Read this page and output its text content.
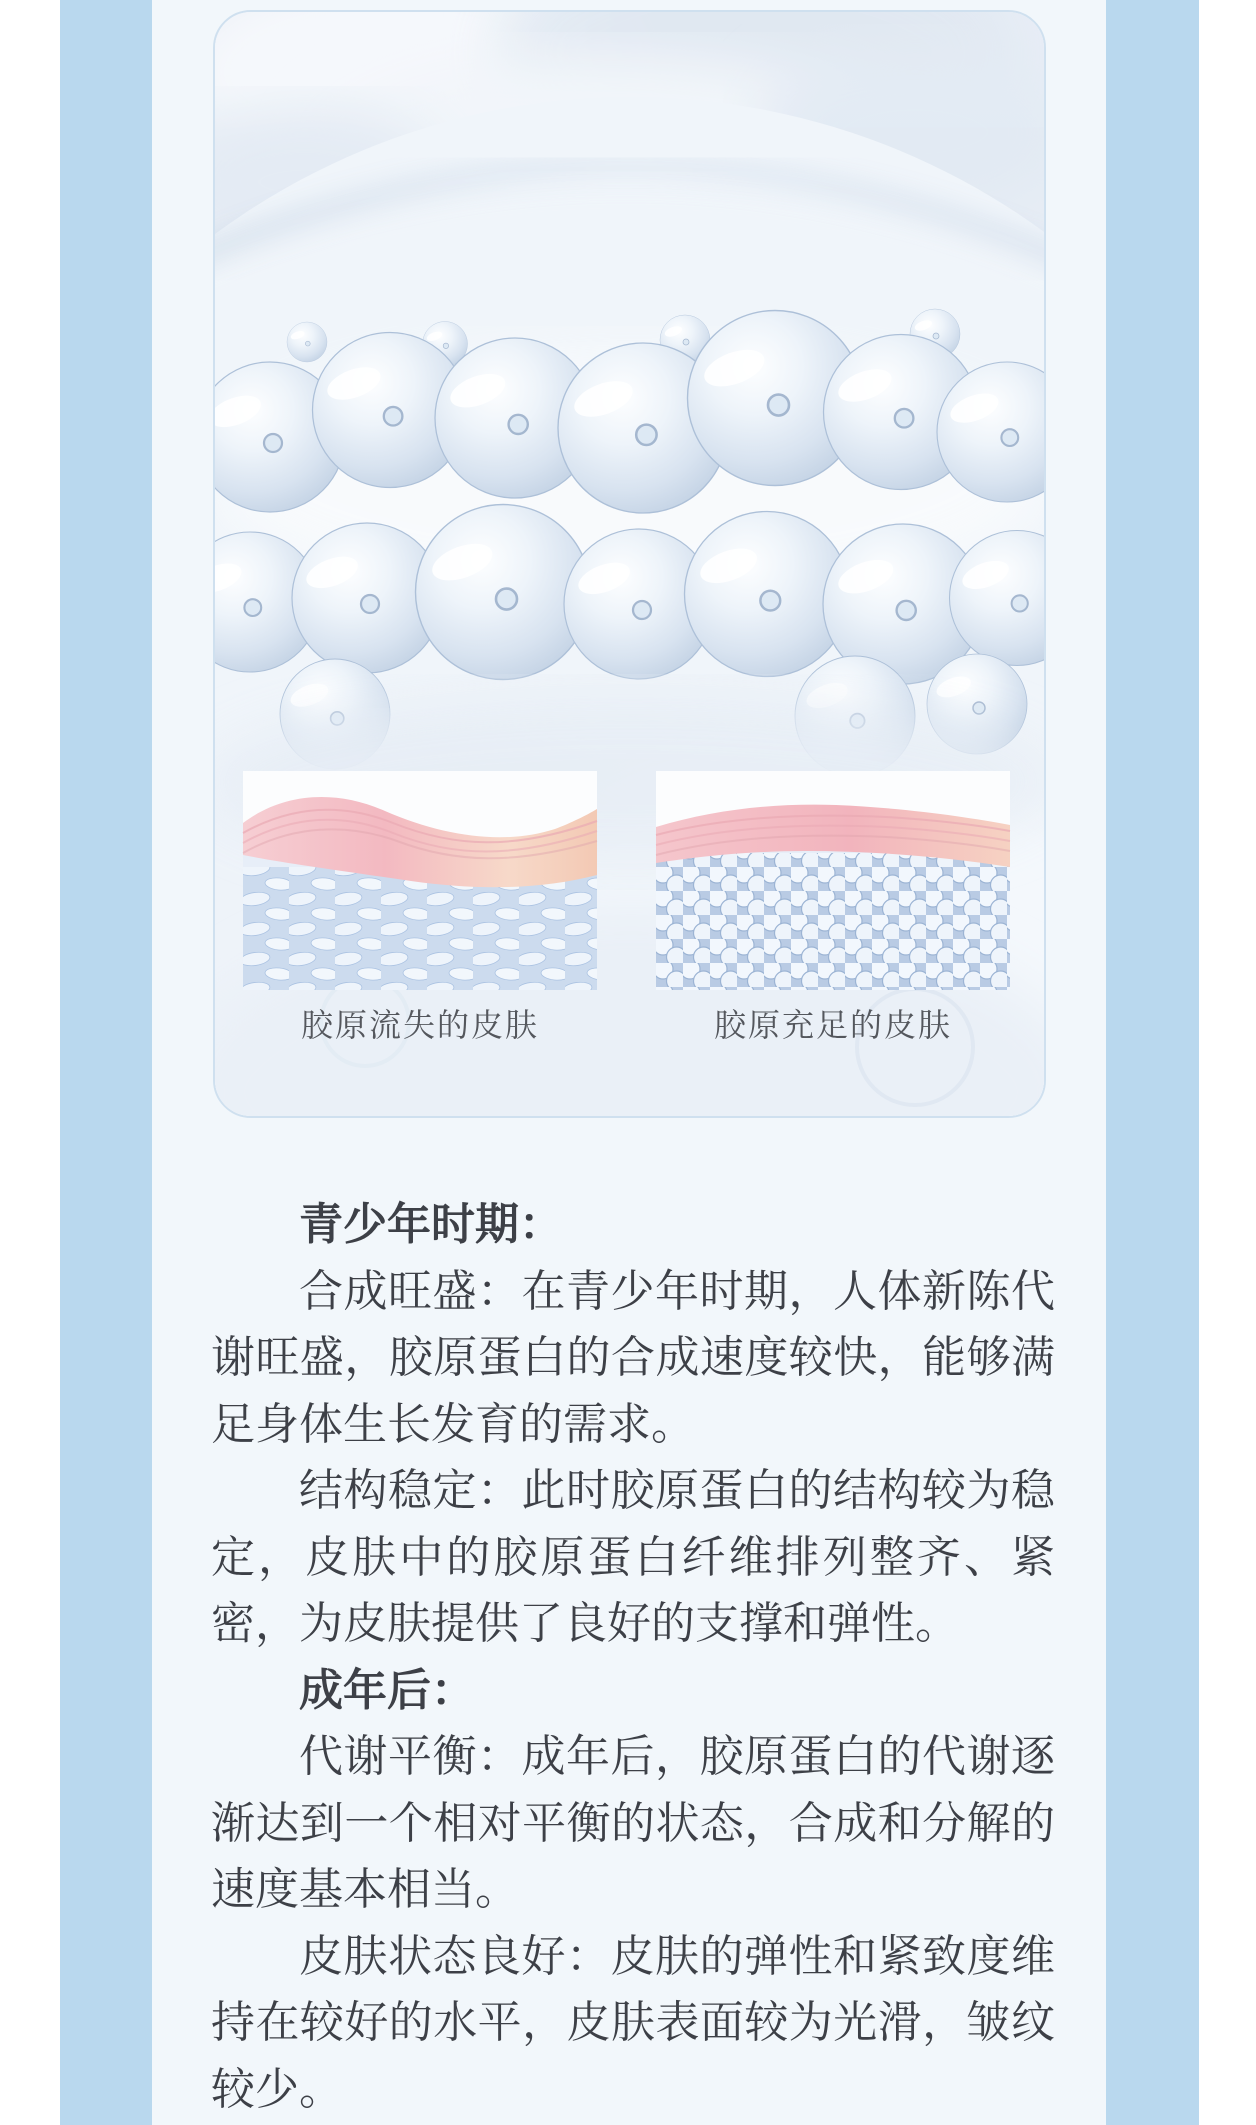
胶原流失的皮肤	胶原充足的皮肤

青少年时期：

合成旺盛：在青少年时期，人体新陈代谢旺盛，胶原蛋白的合成速度较快，能够满足身体生长发育的需求。

结构稳定：此时胶原蛋白的结构较为稳定，皮肤中的胶原蛋白纤维排列整齐、紧密，为皮肤提供了良好的支撑和弹性。

成年后：

代谢平衡：成年后，胶原蛋白的代谢逐渐达到一个相对平衡的状态，合成和分解的速度基本相当。

皮肤状态良好：皮肤的弹性和紧致度维持在较好的水平，皮肤表面较为光滑，皱纹较少。
